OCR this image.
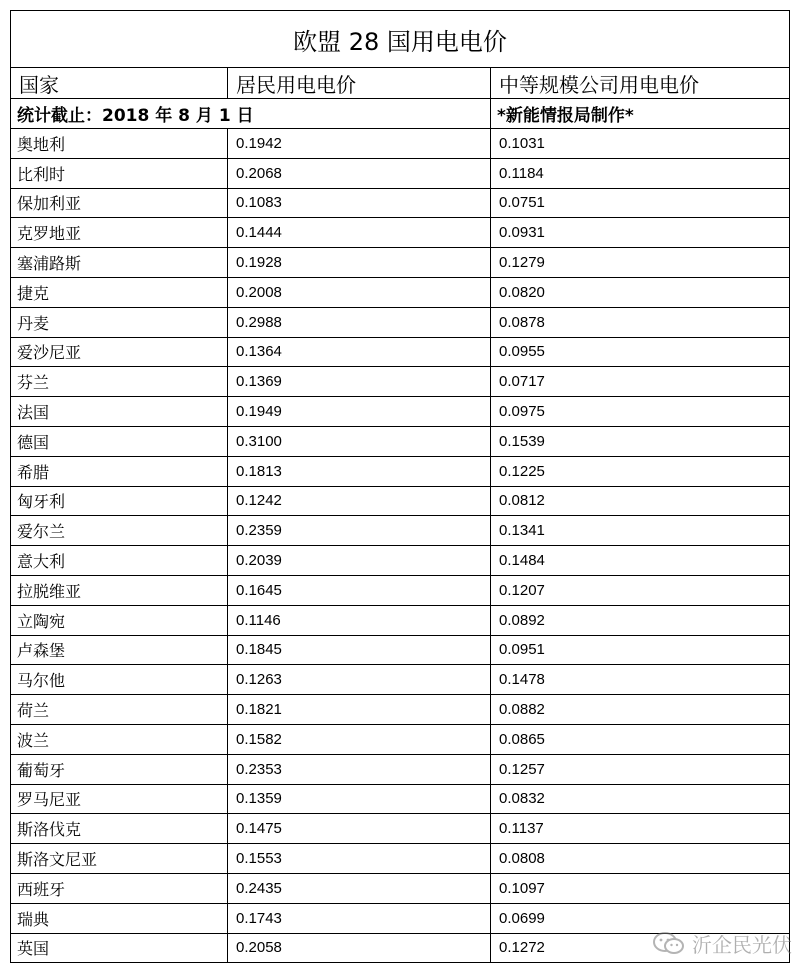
欧盟 28 国用电电价
国家	居民用电电价	中等规模公司用电电价
统计截止：2018 年 8 月 1 日	*新能情报局制作*
奥地利	0.1942	0.1031
比利时	0.2068	0.1184
保加利亚	0.1083	0.0751
克罗地亚	0.1444	0.0931
塞浦路斯	0.1928	0.1279
捷克	0.2008	0.0820
丹麦	0.2988	0.0878
爱沙尼亚	0.1364	0.0955
芬兰	0.1369	0.0717
法国	0.1949	0.0975
德国	0.3100	0.1539
希腊	0.1813	0.1225
匈牙利	0.1242	0.0812
爱尔兰	0.2359	0.1341
意大利	0.2039	0.1484
拉脱维亚	0.1645	0.1207
立陶宛	0.1146	0.0892
卢森堡	0.1845	0.0951
马尔他	0.1263	0.1478
荷兰	0.1821	0.0882
波兰	0.1582	0.0865
葡萄牙	0.2353	0.1257
罗马尼亚	0.1359	0.0832
斯洛伐克	0.1475	0.1137
斯洛文尼亚	0.1553	0.0808
西班牙	0.2435	0.1097
瑞典	0.1743	0.0699
英国	0.2058	0.1272	沂企民光伏
